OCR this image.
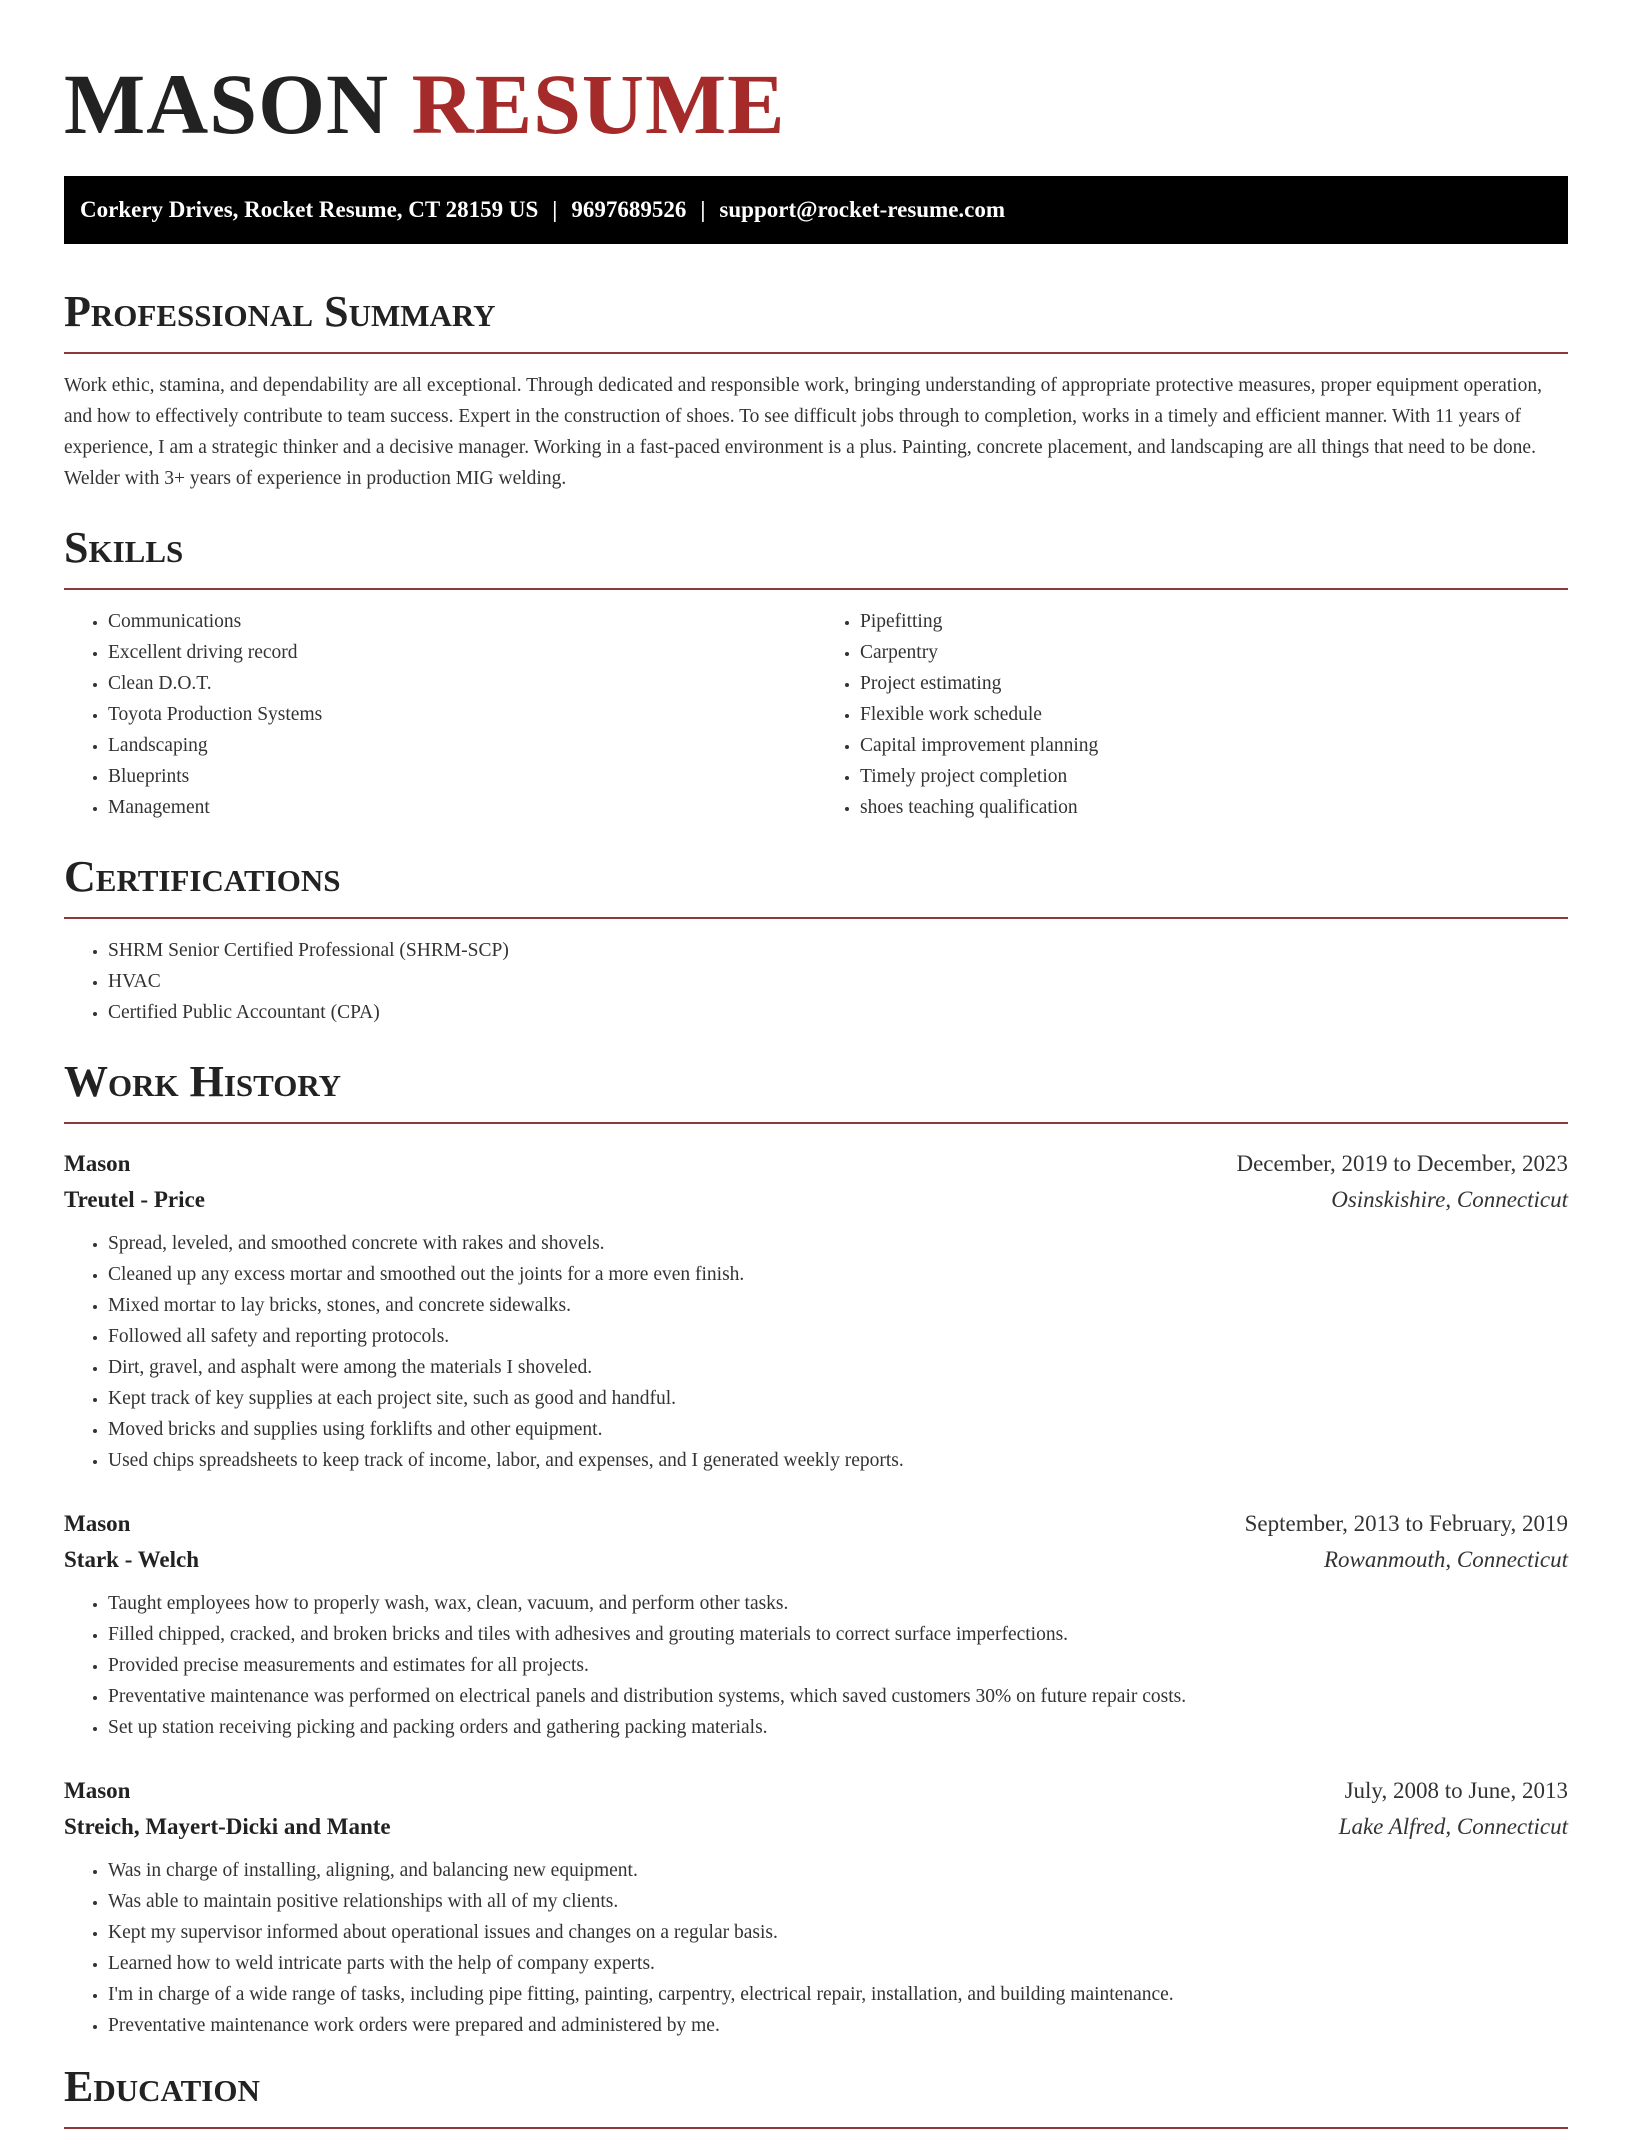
MASON RESUME
Corkery Drives, Rocket Resume, CT 28159 US | 9697689526 | support@rocket-resume.com
Professional Summary

Work ethic, stamina, and dependability are all exceptional. Through dedicated and responsible work, bringing understanding of appropriate protective measures, proper equipment operation, and how to effectively contribute to team success. Expert in the construction of shoes. To see difficult jobs through to completion, works in a timely and efficient manner. With 11 years of experience, I am a strategic thinker and a decisive manager. Working in a fast-paced environment is a plus. Painting, concrete placement, and landscaping are all things that need to be done. Welder with 3+ years of experience in production MIG welding.

Skills
• Communications
• Excellent driving record
• Clean D.O.T.
• Toyota Production Systems
• Landscaping
• Blueprints
• Management
• Pipefitting
• Carpentry
• Project estimating
• Flexible work schedule
• Capital improvement planning
• Timely project completion
• shoes teaching qualification
Certifications
• SHRM Senior Certified Professional (SHRM-SCP)
• HVAC
• Certified Public Accountant (CPA)
Work History
Mason	December, 2019 to December, 2023
Treutel - Price	Osinskishire, Connecticut
• Spread, leveled, and smoothed concrete with rakes and shovels.
• Cleaned up any excess mortar and smoothed out the joints for a more even finish.
• Mixed mortar to lay bricks, stones, and concrete sidewalks.
• Followed all safety and reporting protocols.
• Dirt, gravel, and asphalt were among the materials I shoveled.
• Kept track of key supplies at each project site, such as good and handful.
• Moved bricks and supplies using forklifts and other equipment.
• Used chips spreadsheets to keep track of income, labor, and expenses, and I generated weekly reports.
Mason	September, 2013 to February, 2019
Stark - Welch	Rowanmouth, Connecticut
• Taught employees how to properly wash, wax, clean, vacuum, and perform other tasks.
• Filled chipped, cracked, and broken bricks and tiles with adhesives and grouting materials to correct surface imperfections.
• Provided precise measurements and estimates for all projects.
• Preventative maintenance was performed on electrical panels and distribution systems, which saved customers 30% on future repair costs.
• Set up station receiving picking and packing orders and gathering packing materials.
Mason	July, 2008 to June, 2013
Streich, Mayert-Dicki and Mante	Lake Alfred, Connecticut
• Was in charge of installing, aligning, and balancing new equipment.
• Was able to maintain positive relationships with all of my clients.
• Kept my supervisor informed about operational issues and changes on a regular basis.
• Learned how to weld intricate parts with the help of company experts.
• I'm in charge of a wide range of tasks, including pipe fitting, painting, carpentry, electrical repair, installation, and building maintenance.
• Preventative maintenance work orders were prepared and administered by me.
Education
